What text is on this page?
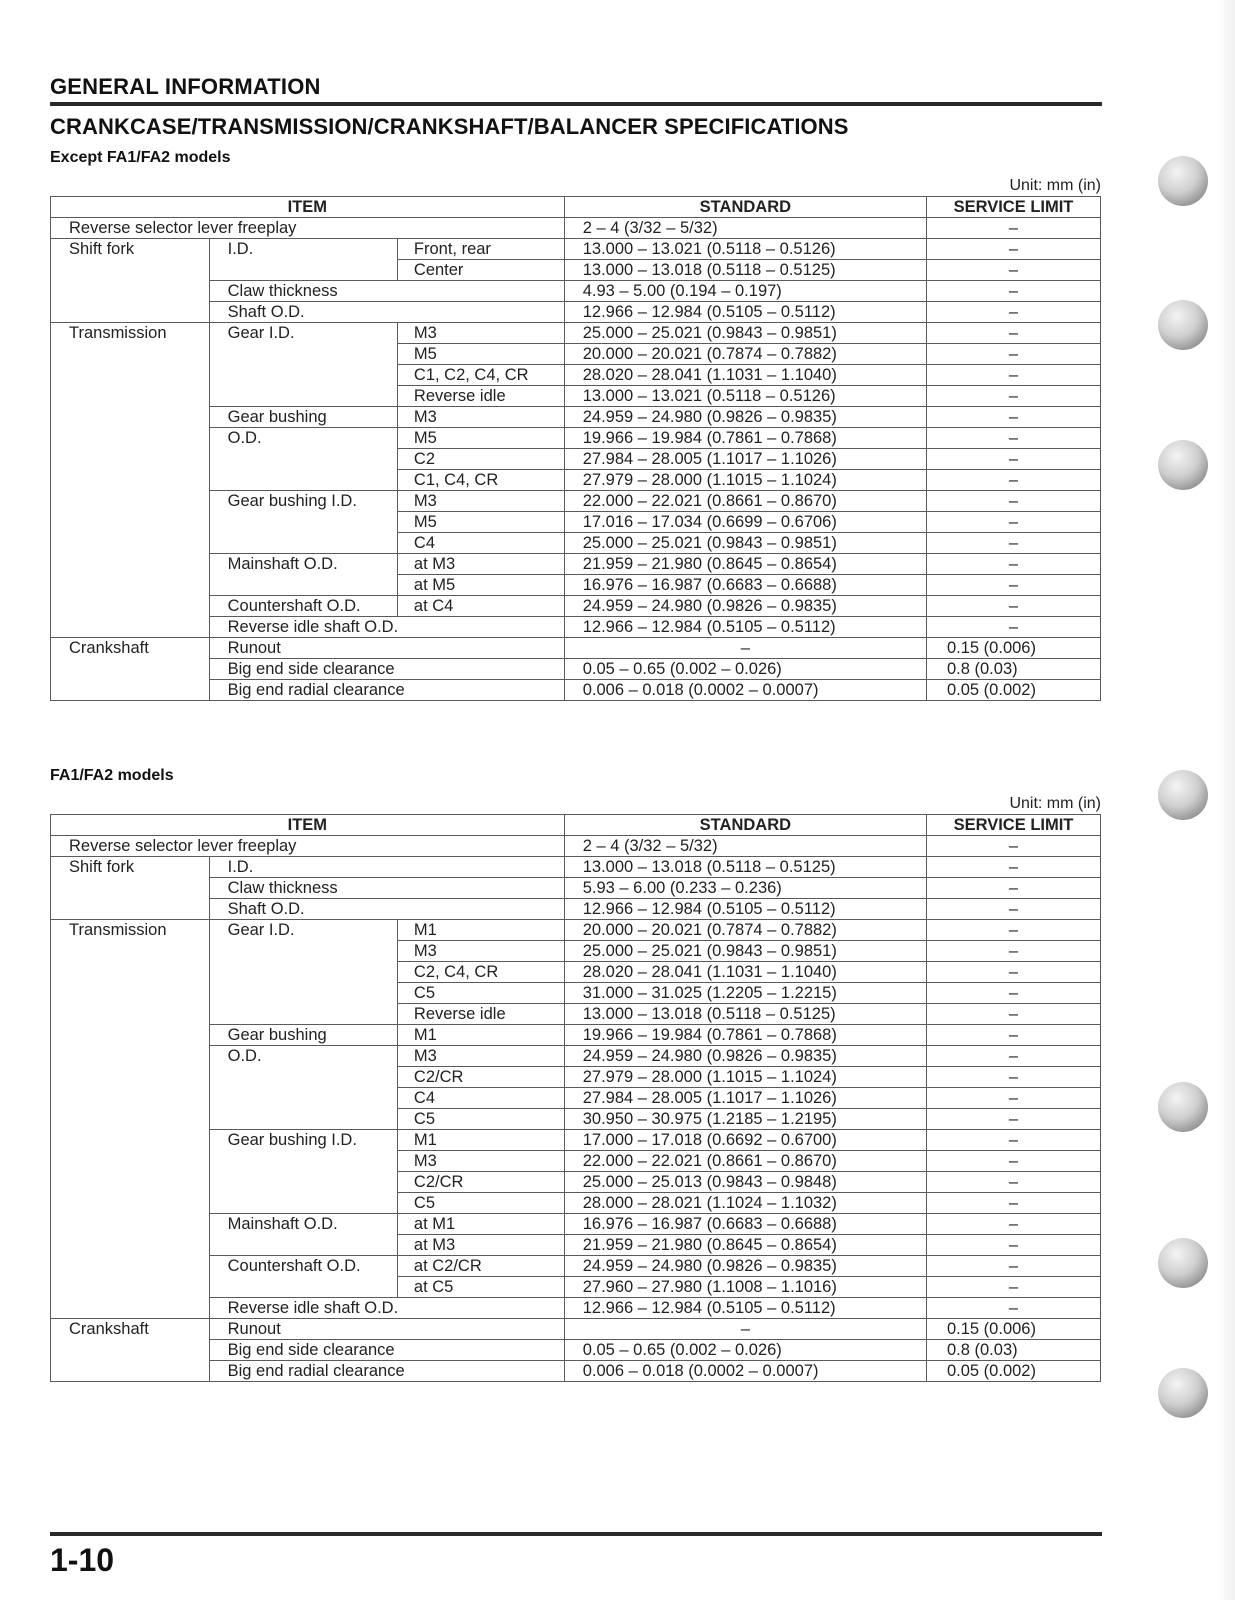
GENERAL INFORMATION
CRANKCASE/TRANSMISSION/CRANKSHAFT/BALANCER SPECIFICATIONS
Except FA1/FA2 models
Unit: mm (in)
ITEM			STANDARD	SERVICE LIMIT
Reverse selector lever freeplay			2 – 4 (3/32 – 5/32)	–
Shift fork	I.D.	Front, rear	13.000 – 13.021 (0.5118 – 0.5126)	–
		Center	13.000 – 13.018 (0.5118 – 0.5125)	–
	Claw thickness		4.93 – 5.00 (0.194 – 0.197)	–
	Shaft O.D.		12.966 – 12.984 (0.5105 – 0.5112)	–
Transmission	Gear I.D.	M3	25.000 – 25.021 (0.9843 – 0.9851)	–
		M5	20.000 – 20.021 (0.7874 – 0.7882)	–
		C1, C2, C4, CR	28.020 – 28.041 (1.1031 – 1.1040)	–
		Reverse idle	13.000 – 13.021 (0.5118 – 0.5126)	–
	Gear bushing	M3	24.959 – 24.980 (0.9826 – 0.9835)	–
	O.D.	M5	19.966 – 19.984 (0.7861 – 0.7868)	–
		C2	27.984 – 28.005 (1.1017 – 1.1026)	–
		C1, C4, CR	27.979 – 28.000 (1.1015 – 1.1024)	–
	Gear bushing I.D.	M3	22.000 – 22.021 (0.8661 – 0.8670)	–
		M5	17.016 – 17.034 (0.6699 – 0.6706)	–
		C4	25.000 – 25.021 (0.9843 – 0.9851)	–
	Mainshaft O.D.	at M3	21.959 – 21.980 (0.8645 – 0.8654)	–
		at M5	16.976 – 16.987 (0.6683 – 0.6688)	–
	Countershaft O.D.	at C4	24.959 – 24.980 (0.9826 – 0.9835)	–
	Reverse idle shaft O.D.		12.966 – 12.984 (0.5105 – 0.5112)	–
Crankshaft	Runout		–	0.15 (0.006)
	Big end side clearance		0.05 – 0.65 (0.002 – 0.026)	0.8 (0.03)
	Big end radial clearance		0.006 – 0.018 (0.0002 – 0.0007)	0.05 (0.002)
FA1/FA2 models
Unit: mm (in)
ITEM			STANDARD	SERVICE LIMIT
Reverse selector lever freeplay			2 – 4 (3/32 – 5/32)	–
Shift fork	I.D.		13.000 – 13.018 (0.5118 – 0.5125)	–
	Claw thickness		5.93 – 6.00 (0.233 – 0.236)	–
	Shaft O.D.		12.966 – 12.984 (0.5105 – 0.5112)	–
Transmission	Gear I.D.	M1	20.000 – 20.021 (0.7874 – 0.7882)	–
		M3	25.000 – 25.021 (0.9843 – 0.9851)	–
		C2, C4, CR	28.020 – 28.041 (1.1031 – 1.1040)	–
		C5	31.000 – 31.025 (1.2205 – 1.2215)	–
		Reverse idle	13.000 – 13.018 (0.5118 – 0.5125)	–
	Gear bushing	M1	19.966 – 19.984 (0.7861 – 0.7868)	–
	O.D.	M3	24.959 – 24.980 (0.9826 – 0.9835)	–
		C2/CR	27.979 – 28.000 (1.1015 – 1.1024)	–
		C4	27.984 – 28.005 (1.1017 – 1.1026)	–
		C5	30.950 – 30.975 (1.2185 – 1.2195)	–
	Gear bushing I.D.	M1	17.000 – 17.018 (0.6692 – 0.6700)	–
		M3	22.000 – 22.021 (0.8661 – 0.8670)	–
		C2/CR	25.000 – 25.013 (0.9843 – 0.9848)	–
		C5	28.000 – 28.021 (1.1024 – 1.1032)	–
	Mainshaft O.D.	at M1	16.976 – 16.987 (0.6683 – 0.6688)	–
		at M3	21.959 – 21.980 (0.8645 – 0.8654)	–
	Countershaft O.D.	at C2/CR	24.959 – 24.980 (0.9826 – 0.9835)	–
		at C5	27.960 – 27.980 (1.1008 – 1.1016)	–
	Reverse idle shaft O.D.		12.966 – 12.984 (0.5105 – 0.5112)	–
Crankshaft	Runout		–	0.15 (0.006)
	Big end side clearance		0.05 – 0.65 (0.002 – 0.026)	0.8 (0.03)
	Big end radial clearance		0.006 – 0.018 (0.0002 – 0.0007)	0.05 (0.002)
1-10
